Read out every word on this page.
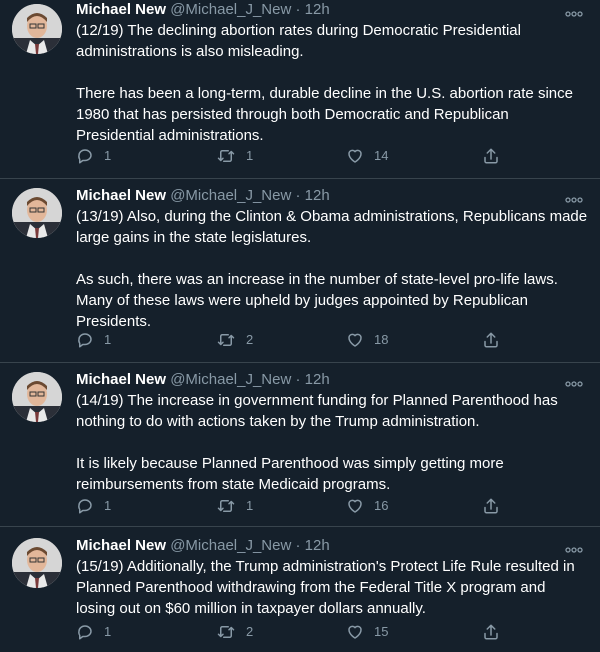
Michael New @Michael_J_New · 12h

(12/19) The declining abortion rates during Democratic Presidential administrations is also misleading.

There has been a long-term, durable decline in the U.S. abortion rate since 1980 that has persisted through both Democratic and Republican Presidential administrations.

1	1	14
Michael New @Michael_J_New · 12h

(13/19) Also, during the Clinton & Obama administrations, Republicans made large gains in the state legislatures.

As such, there was an increase in the number of state-level pro-life laws. Many of these laws were upheld by judges appointed by Republican Presidents.

1	2	18
Michael New @Michael_J_New · 12h

(14/19) The increase in government funding for Planned Parenthood has nothing to do with actions taken by the Trump administration.

It is likely because Planned Parenthood was simply getting more reimbursements from state Medicaid programs.

1	1	16
Michael New @Michael_J_New · 12h

(15/19) Additionally, the Trump administration's Protect Life Rule resulted in Planned Parenthood withdrawing from the Federal Title X program and losing out on $60 million in taxpayer dollars annually.

1	2	15
